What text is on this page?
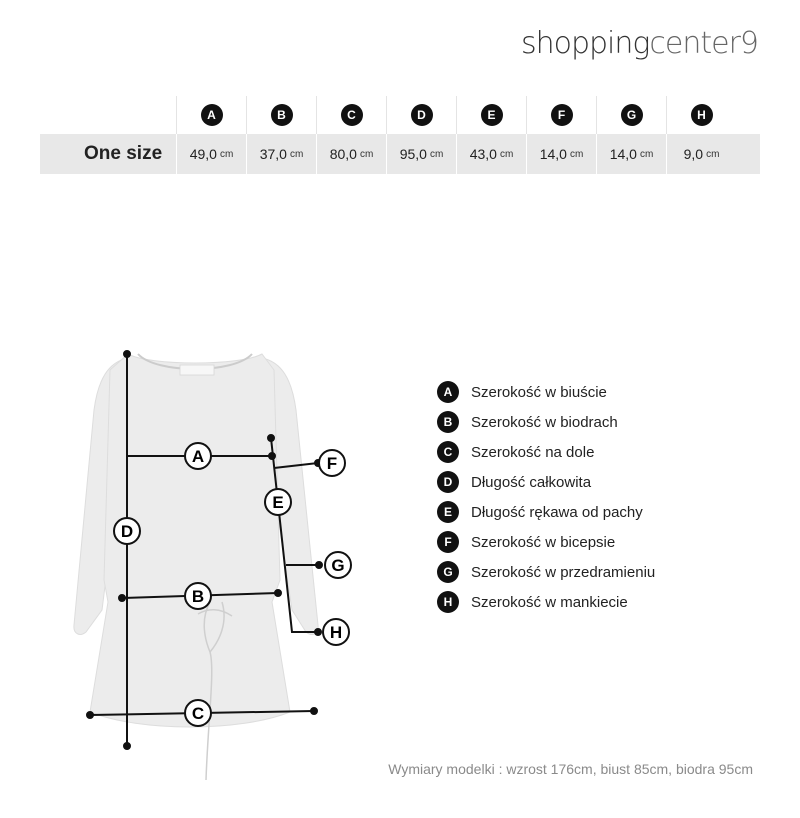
shoppingcenter9
A	B	C	D	E	F	G	H
One size	49,0 cm 37,0 cm 80,0 cm 95,0 cm 43,0 cm 14,0 cm 14,0 cm 9,0 cm
A
B
C
D
E
F
G
H
A	Szerokość w biuście
B	Szerokość w biodrach
C	Szerokość na dole
D	Długość całkowita
E	Długość rękawa od pachy
F	Szerokość w bicepsie
G	Szerokość w przedramieniu
H	Szerokość w mankiecie
Wymiary modelki : wzrost 176cm, biust 85cm, biodra 95cm
